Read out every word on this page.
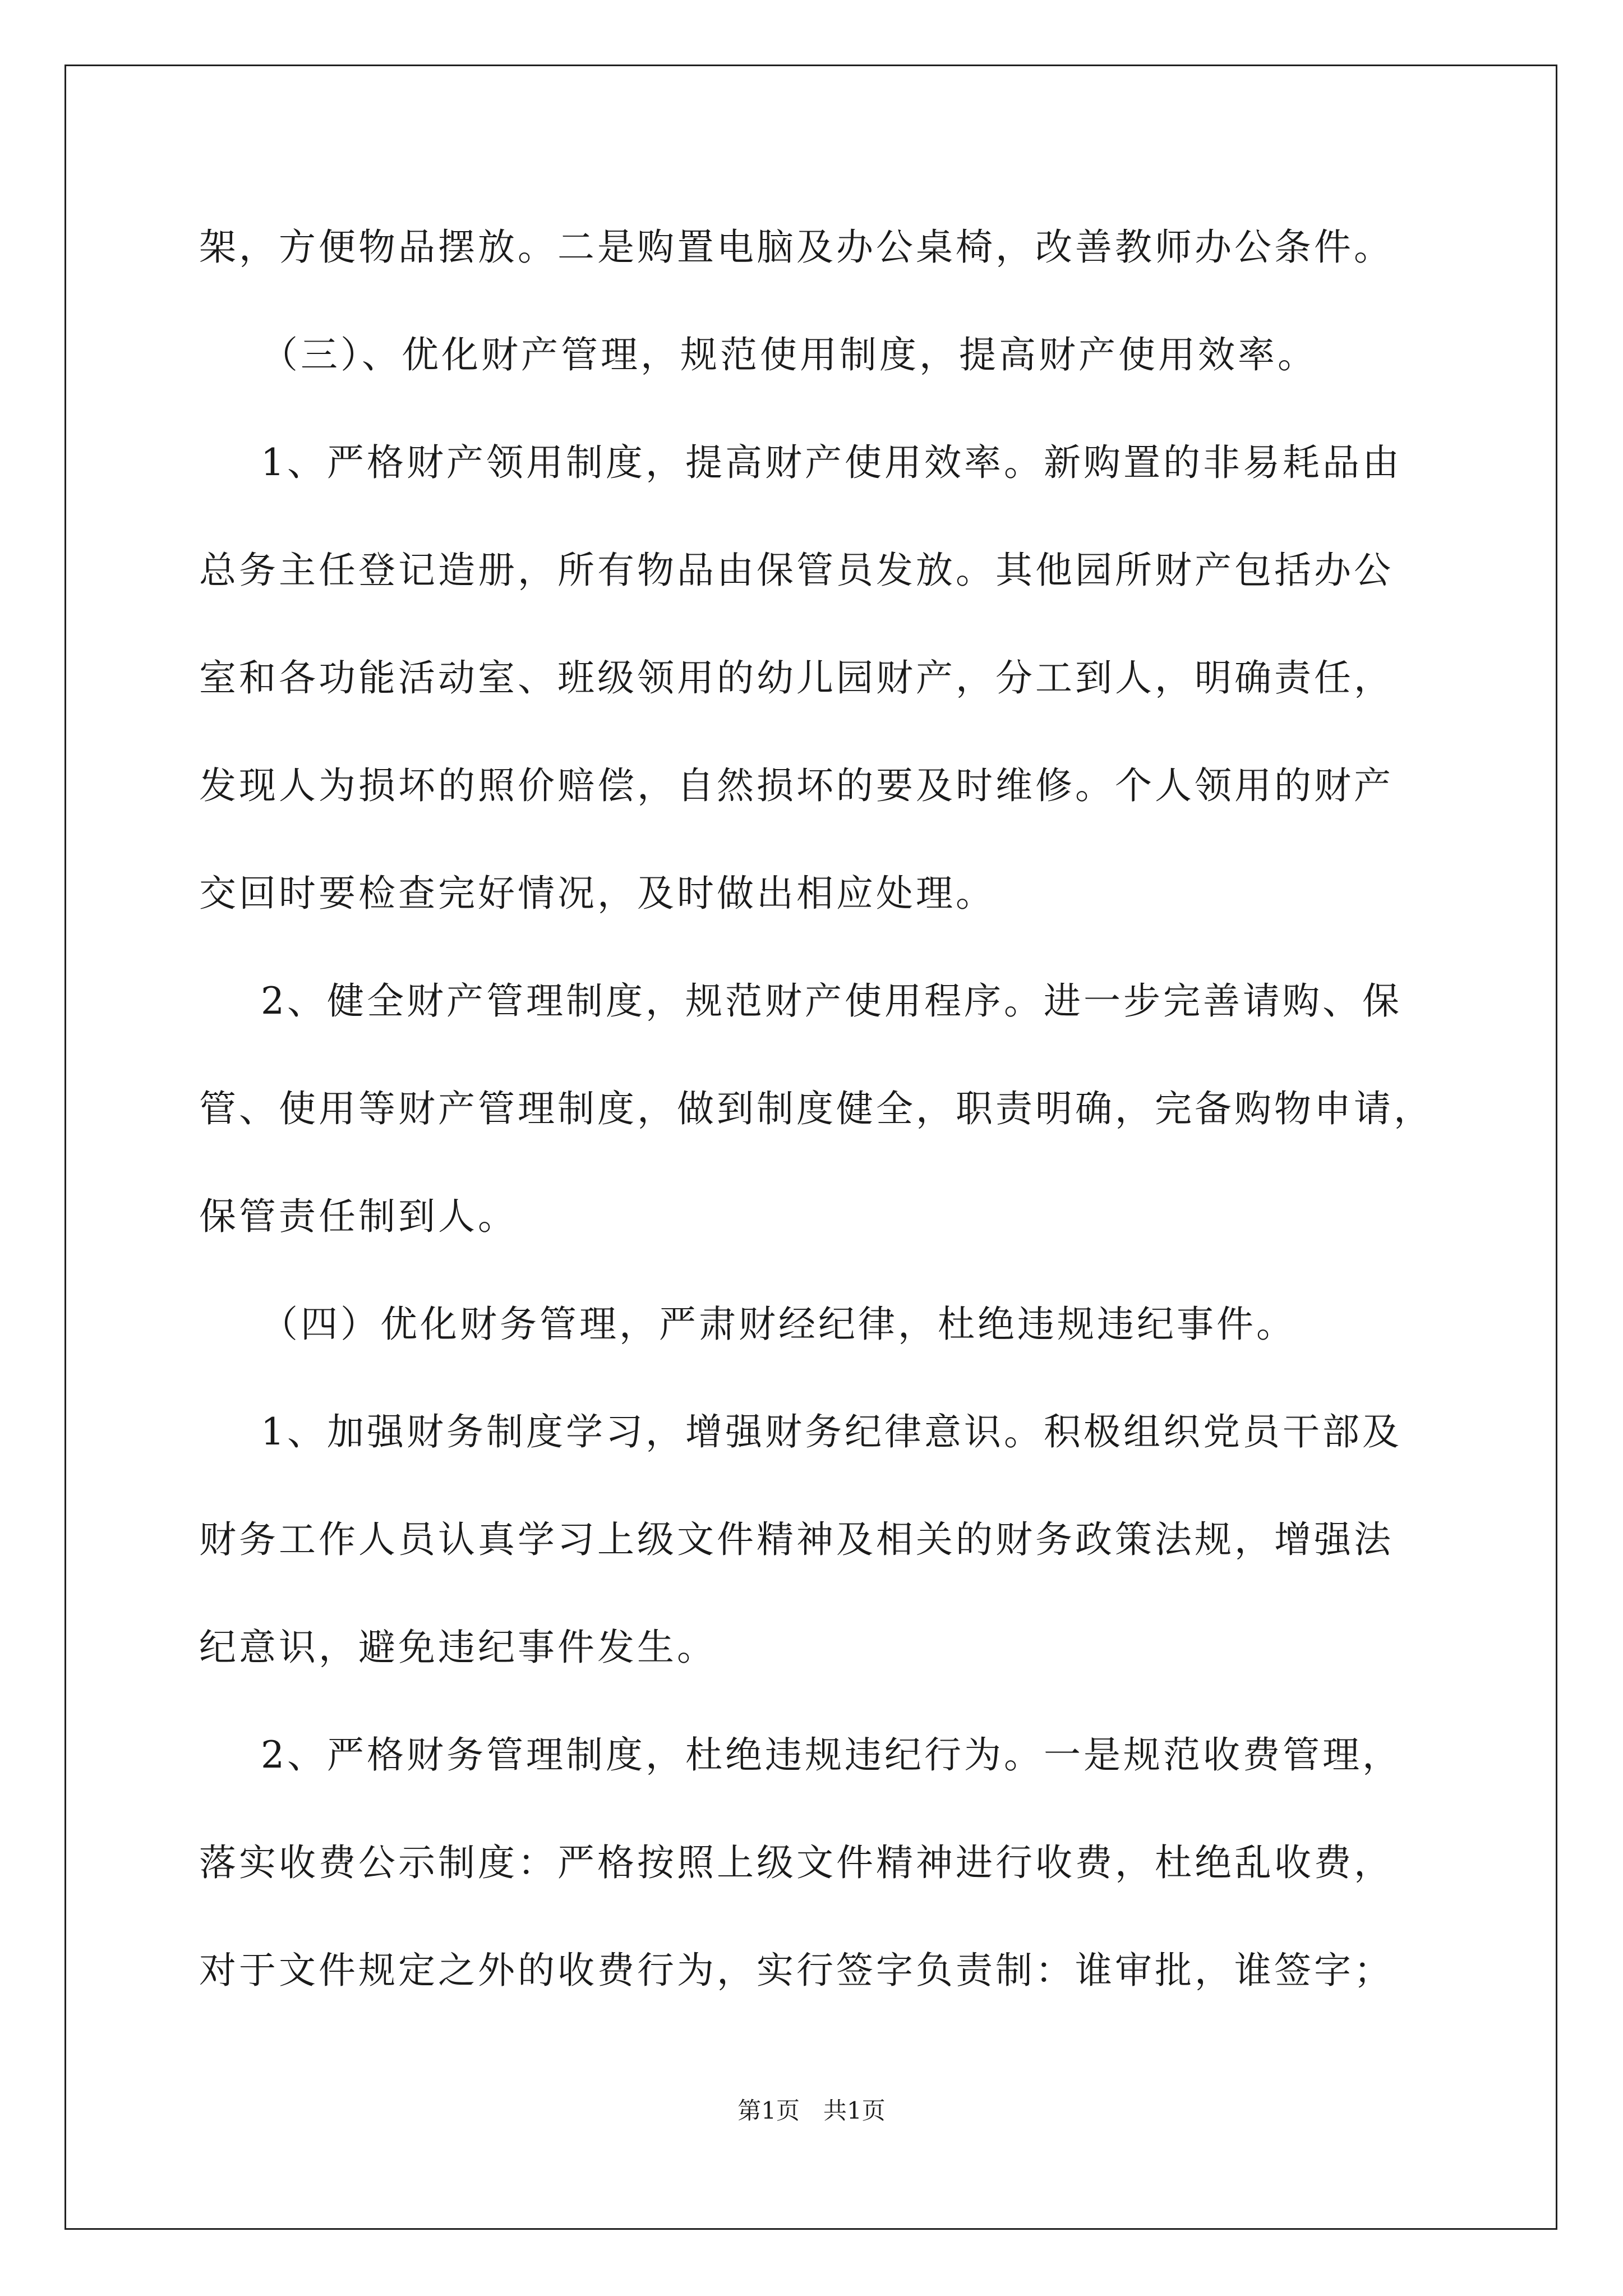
架，方便物品摆放。二是购置电脑及办公桌椅，改善教师办公条件。
（三）、优化财产管理，规范使用制度，提高财产使用效率。
1、严格财产领用制度，提高财产使用效率。新购置的非易耗品由
总务主任登记造册，所有物品由保管员发放。其他园所财产包括办公
室和各功能活动室、班级领用的幼儿园财产，分工到人，明确责任，
发现人为损坏的照价赔偿，自然损坏的要及时维修。个人领用的财产
交回时要检查完好情况，及时做出相应处理。
2、健全财产管理制度，规范财产使用程序。进一步完善请购、保
管、使用等财产管理制度，做到制度健全，职责明确，完备购物申请，
保管责任制到人。
（四）优化财务管理，严肃财经纪律，杜绝违规违纪事件。
1、加强财务制度学习，增强财务纪律意识。积极组织党员干部及
财务工作人员认真学习上级文件精神及相关的财务政策法规，增强法
纪意识，避免违纪事件发生。
2、严格财务管理制度，杜绝违规违纪行为。一是规范收费管理，
落实收费公示制度：严格按照上级文件精神进行收费，杜绝乱收费，
对于文件规定之外的收费行为，实行签字负责制：谁审批，谁签字；
第1页　共1页
